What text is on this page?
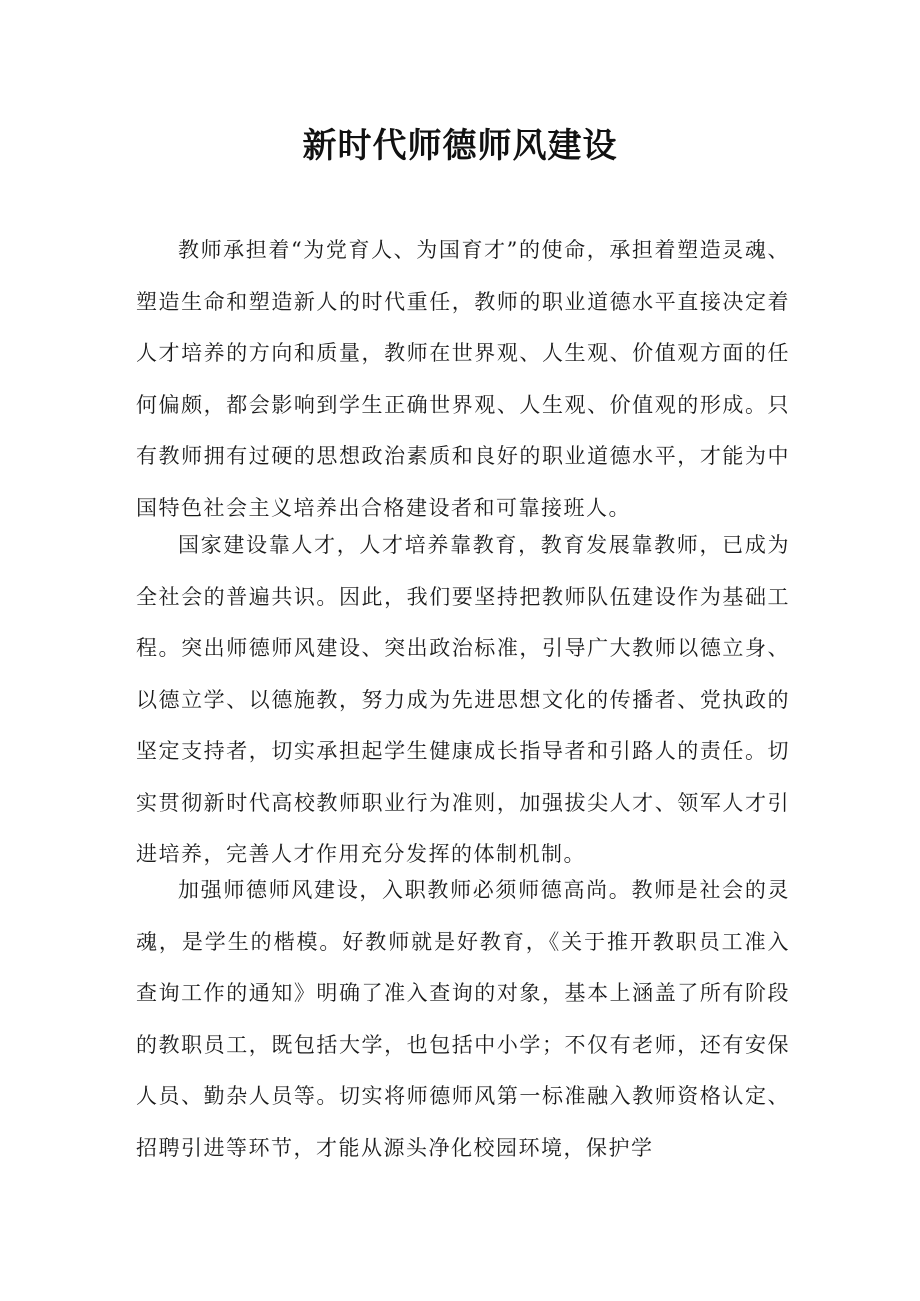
新时代师德师风建设

教师承担着“为党育人、为国育才”的使命，承担着塑造灵魂、塑造生命和塑造新人的时代重任，教师的职业道德水平直接决定着人才培养的方向和质量，教师在世界观、人生观、价值观方面的任何偏颇，都会影响到学生正确世界观、人生观、价值观的形成。只有教师拥有过硬的思想政治素质和良好的职业道德水平，才能为中国特色社会主义培养出合格建设者和可靠接班人。

国家建设靠人才，人才培养靠教育，教育发展靠教师，已成为全社会的普遍共识。因此，我们要坚持把教师队伍建设作为基础工程。突出师德师风建设、突出政治标准，引导广大教师以德立身、以德立学、以德施教，努力成为先进思想文化的传播者、党执政的坚定支持者，切实承担起学生健康成长指导者和引路人的责任。切实贯彻新时代高校教师职业行为准则，加强拔尖人才、领军人才引进培养，完善人才作用充分发挥的体制机制。

加强师德师风建设，入职教师必须师德高尚。教师是社会的灵魂，是学生的楷模。好教师就是好教育，《关于推开教职员工准入查询工作的通知》明确了准入查询的对象，基本上涵盖了所有阶段的教职员工，既包括大学，也包括中小学；不仅有老师，还有安保人员、勤杂人员等。切实将师德师风第一标准融入教师资格认定、招聘引进等环节，才能从源头净化校园环境，保护学
